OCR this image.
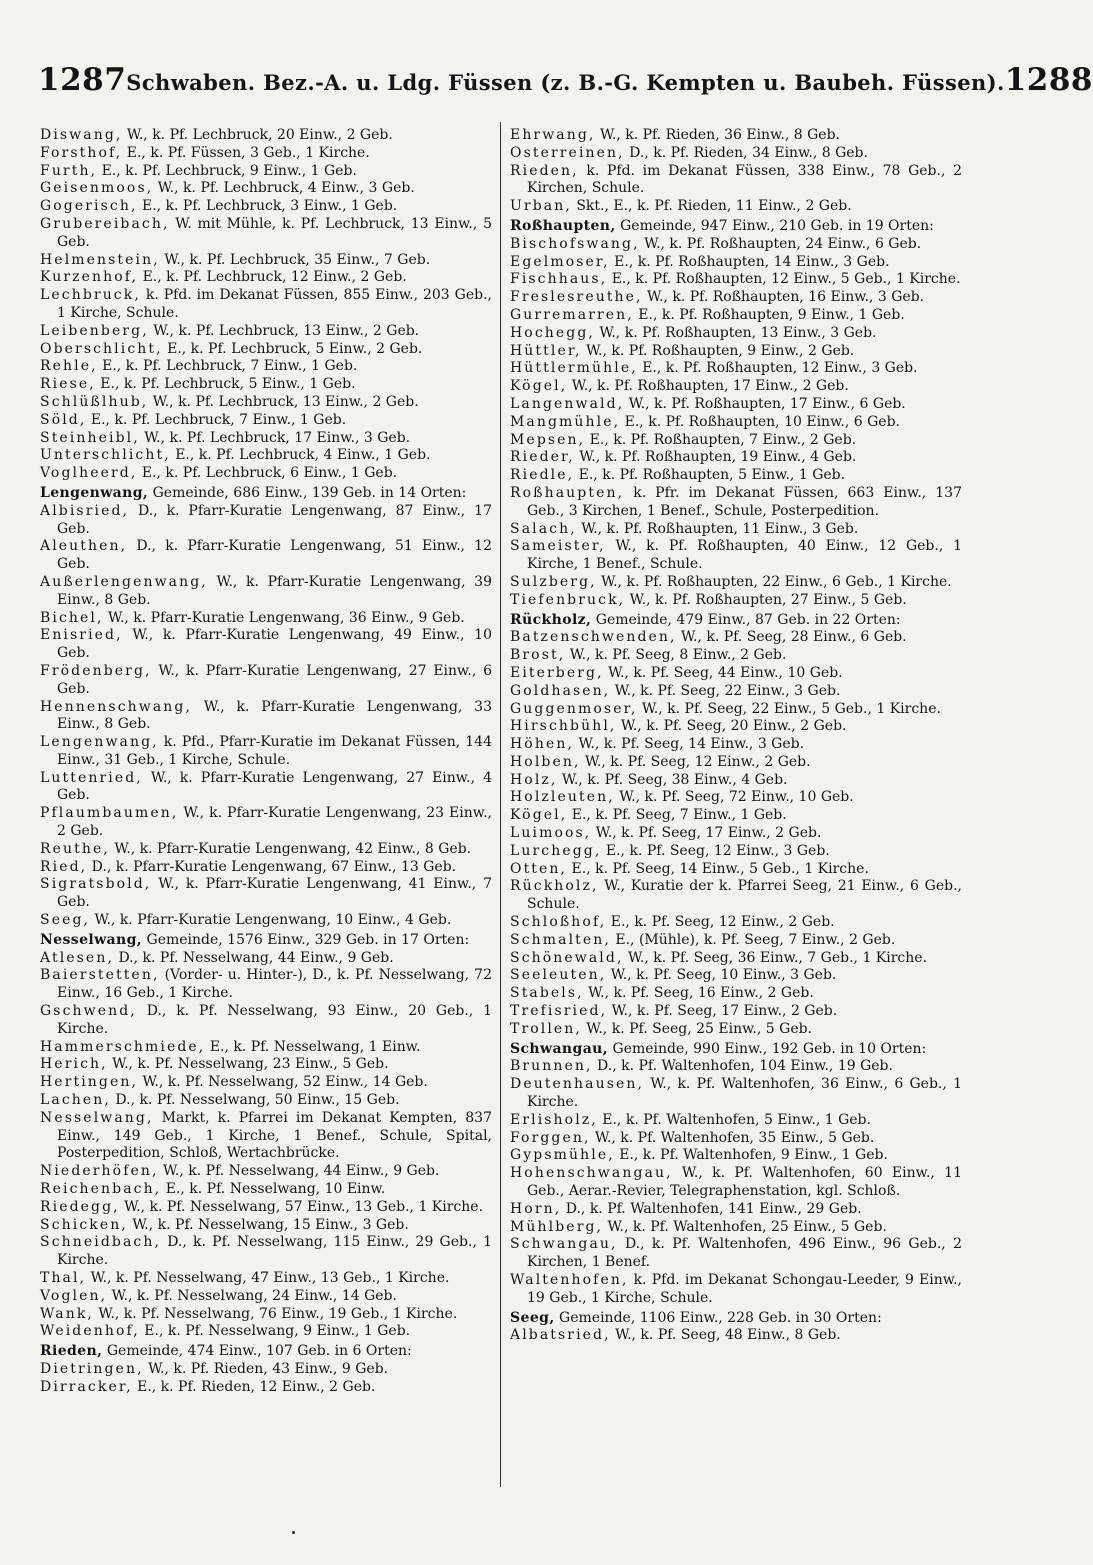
1287 Schwaben. Bez.-A. u. Ldg. Füssen (z. B.-G. Kempten u. Baubeh. Füssen). 1288

Diswang, W., k. Pf. Lechbruck, 20 Einw., 2 Geb.

Forsthof, E., k. Pf. Füssen, 3 Geb., 1 Kirche.

Furth, E., k. Pf. Lechbruck, 9 Einw., 1 Geb.

Geisenmoos, W., k. Pf. Lechbruck, 4 Einw., 3 Geb.

Gogerisch, E., k. Pf. Lechbruck, 3 Einw., 1 Geb.

Grubereibach, W. mit Mühle, k. Pf. Lechbruck, 13 Einw., 5 Geb.

Helmenstein, W., k. Pf. Lechbruck, 35 Einw., 7 Geb.

Kurzenhof, E., k. Pf. Lechbruck, 12 Einw., 2 Geb.

Lechbruck, k. Pfd. im Dekanat Füssen, 855 Einw., 203 Geb., 1 Kirche, Schule.

Leibenberg, W., k. Pf. Lechbruck, 13 Einw., 2 Geb.

Oberschlicht, E., k. Pf. Lechbruck, 5 Einw., 2 Geb.

Rehle, E., k. Pf. Lechbruck, 7 Einw., 1 Geb.

Riese, E., k. Pf. Lechbruck, 5 Einw., 1 Geb.

Schlüßlhub, W., k. Pf. Lechbruck, 13 Einw., 2 Geb.

Söld, E., k. Pf. Lechbruck, 7 Einw., 1 Geb.

Steinheibl, W., k. Pf. Lechbruck, 17 Einw., 3 Geb.

Unterschlicht, E., k. Pf. Lechbruck, 4 Einw., 1 Geb.

Voglheerd, E., k. Pf. Lechbruck, 6 Einw., 1 Geb.

Lengenwang, Gemeinde, 686 Einw., 139 Geb. in 14 Orten:

Albisried, D., k. Pfarr-Kuratie Lengenwang, 87 Einw., 17 Geb.

Aleuthen, D., k. Pfarr-Kuratie Lengenwang, 51 Einw., 12 Geb.

Außerlengenwang, W., k. Pfarr-Kuratie Lengenwang, 39 Einw., 8 Geb.

Bichel, W., k. Pfarr-Kuratie Lengenwang, 36 Einw., 9 Geb.

Enisried, W., k. Pfarr-Kuratie Lengenwang, 49 Einw., 10 Geb.

Frödenberg, W., k. Pfarr-Kuratie Lengenwang, 27 Einw., 6 Geb.

Hennenschwang, W., k. Pfarr-Kuratie Lengenwang, 33 Einw., 8 Geb.

Lengenwang, k. Pfd., Pfarr-Kuratie im Dekanat Füssen, 144 Einw., 31 Geb., 1 Kirche, Schule.

Luttenried, W., k. Pfarr-Kuratie Lengenwang, 27 Einw., 4 Geb.

Pflaumbaumen, W., k. Pfarr-Kuratie Lengenwang, 23 Einw., 2 Geb.

Reuthe, W., k. Pfarr-Kuratie Lengenwang, 42 Einw., 8 Geb.

Ried, D., k. Pfarr-Kuratie Lengenwang, 67 Einw., 13 Geb.

Sigratsbold, W., k. Pfarr-Kuratie Lengenwang, 41 Einw., 7 Geb.

Seeg, W., k. Pfarr-Kuratie Lengenwang, 10 Einw., 4 Geb.

Nesselwang, Gemeinde, 1576 Einw., 329 Geb. in 17 Orten:

Atlesen, D., k. Pf. Nesselwang, 44 Einw., 9 Geb.

Baierstetten, (Vorder- u. Hinter-), D., k. Pf. Nesselwang, 72 Einw., 16 Geb., 1 Kirche.

Gschwend, D., k. Pf. Nesselwang, 93 Einw., 20 Geb., 1 Kirche.

Hammerschmiede, E., k. Pf. Nesselwang, 1 Einw.

Herich, W., k. Pf. Nesselwang, 23 Einw., 5 Geb.

Hertingen, W., k. Pf. Nesselwang, 52 Einw., 14 Geb.

Lachen, D., k. Pf. Nesselwang, 50 Einw., 15 Geb.

Nesselwang, Markt, k. Pfarrei im Dekanat Kempten, 837 Einw., 149 Geb., 1 Kirche, 1 Benef., Schule, Spital, Posterpedition, Schloß, Wertachbrücke.

Niederhöfen, W., k. Pf. Nesselwang, 44 Einw., 9 Geb.

Reichenbach, E., k. Pf. Nesselwang, 10 Einw.

Riedegg, W., k. Pf. Nesselwang, 57 Einw., 13 Geb., 1 Kirche.

Schicken, W., k. Pf. Nesselwang, 15 Einw., 3 Geb.

Schneidbach, D., k. Pf. Nesselwang, 115 Einw., 29 Geb., 1 Kirche.

Thal, W., k. Pf. Nesselwang, 47 Einw., 13 Geb., 1 Kirche.

Voglen, W., k. Pf. Nesselwang, 24 Einw., 14 Geb.

Wank, W., k. Pf. Nesselwang, 76 Einw., 19 Geb., 1 Kirche.

Weidenhof, E., k. Pf. Nesselwang, 9 Einw., 1 Geb.

Rieden, Gemeinde, 474 Einw., 107 Geb. in 6 Orten:

Dietringen, W., k. Pf. Rieden, 43 Einw., 9 Geb.

Dirracker, E., k. Pf. Rieden, 12 Einw., 2 Geb.

Ehrwang, W., k. Pf. Rieden, 36 Einw., 8 Geb.

Osterreinen, D., k. Pf. Rieden, 34 Einw., 8 Geb.

Rieden, k. Pfd. im Dekanat Füssen, 338 Einw., 78 Geb., 2 Kirchen, Schule.

Urban, Skt., E., k. Pf. Rieden, 11 Einw., 2 Geb.

Roßhaupten, Gemeinde, 947 Einw., 210 Geb. in 19 Orten:

Bischofswang, W., k. Pf. Roßhaupten, 24 Einw., 6 Geb.

Egelmoser, E., k. Pf. Roßhaupten, 14 Einw., 3 Geb.

Fischhaus, E., k. Pf. Roßhaupten, 12 Einw., 5 Geb., 1 Kirche.

Freslesreuthe, W., k. Pf. Roßhaupten, 16 Einw., 3 Geb.

Gurremarren, E., k. Pf. Roßhaupten, 9 Einw., 1 Geb.

Hochegg, W., k. Pf. Roßhaupten, 13 Einw., 3 Geb.

Hüttler, W., k. Pf. Roßhaupten, 9 Einw., 2 Geb.

Hüttlermühle, E., k. Pf. Roßhaupten, 12 Einw., 3 Geb.

Kögel, W., k. Pf. Roßhaupten, 17 Einw., 2 Geb.

Langenwald, W., k. Pf. Roßhaupten, 17 Einw., 6 Geb.

Mangmühle, E., k. Pf. Roßhaupten, 10 Einw., 6 Geb.

Mepsen, E., k. Pf. Roßhaupten, 7 Einw., 2 Geb.

Rieder, W., k. Pf. Roßhaupten, 19 Einw., 4 Geb.

Riedle, E., k. Pf. Roßhaupten, 5 Einw., 1 Geb.

Roßhaupten, k. Pfr. im Dekanat Füssen, 663 Einw., 137 Geb., 3 Kirchen, 1 Benef., Schule, Posterpedition.

Salach, W., k. Pf. Roßhaupten, 11 Einw., 3 Geb.

Sameister, W., k. Pf. Roßhaupten, 40 Einw., 12 Geb., 1 Kirche, 1 Benef., Schule.

Sulzberg, W., k. Pf. Roßhaupten, 22 Einw., 6 Geb., 1 Kirche.

Tiefenbruck, W., k. Pf. Roßhaupten, 27 Einw., 5 Geb.

Rückholz, Gemeinde, 479 Einw., 87 Geb. in 22 Orten:

Batzenschwenden, W., k. Pf. Seeg, 28 Einw., 6 Geb.

Brost, W., k. Pf. Seeg, 8 Einw., 2 Geb.

Eiterberg, W., k. Pf. Seeg, 44 Einw., 10 Geb.

Goldhasen, W., k. Pf. Seeg, 22 Einw., 3 Geb.

Guggenmoser, W., k. Pf. Seeg, 22 Einw., 5 Geb., 1 Kirche.

Hirschbühl, W., k. Pf. Seeg, 20 Einw., 2 Geb.

Höhen, W., k. Pf. Seeg, 14 Einw., 3 Geb.

Holben, W., k. Pf. Seeg, 12 Einw., 2 Geb.

Holz, W., k. Pf. Seeg, 38 Einw., 4 Geb.

Holzleuten, W., k. Pf. Seeg, 72 Einw., 10 Geb.

Kögel, E., k. Pf. Seeg, 7 Einw., 1 Geb.

Luimoos, W., k. Pf. Seeg, 17 Einw., 2 Geb.

Lurchegg, E., k. Pf. Seeg, 12 Einw., 3 Geb.

Otten, E., k. Pf. Seeg, 14 Einw., 5 Geb., 1 Kirche.

Rückholz, W., Kuratie der k. Pfarrei Seeg, 21 Einw., 6 Geb., Schule.

Schloßhof, E., k. Pf. Seeg, 12 Einw., 2 Geb.

Schmalten, E., (Mühle), k. Pf. Seeg, 7 Einw., 2 Geb.

Schönewald, W., k. Pf. Seeg, 36 Einw., 7 Geb., 1 Kirche.

Seeleuten, W., k. Pf. Seeg, 10 Einw., 3 Geb.

Stabels, W., k. Pf. Seeg, 16 Einw., 2 Geb.

Trefisried, W., k. Pf. Seeg, 17 Einw., 2 Geb.

Trollen, W., k. Pf. Seeg, 25 Einw., 5 Geb.

Schwangau, Gemeinde, 990 Einw., 192 Geb. in 10 Orten:

Brunnen, D., k. Pf. Waltenhofen, 104 Einw., 19 Geb.

Deutenhausen, W., k. Pf. Waltenhofen, 36 Einw., 6 Geb., 1 Kirche.

Erlisholz, E., k. Pf. Waltenhofen, 5 Einw., 1 Geb.

Forggen, W., k. Pf. Waltenhofen, 35 Einw., 5 Geb.

Gypsmühle, E., k. Pf. Waltenhofen, 9 Einw., 1 Geb.

Hohenschwangau, W., k. Pf. Waltenhofen, 60 Einw., 11 Geb., Aerar.-Revier, Telegraphenstation, kgl. Schloß.

Horn, D., k. Pf. Waltenhofen, 141 Einw., 29 Geb.

Mühlberg, W., k. Pf. Waltenhofen, 25 Einw., 5 Geb.

Schwangau, D., k. Pf. Waltenhofen, 496 Einw., 96 Geb., 2 Kirchen, 1 Benef.

Waltenhofen, k. Pfd. im Dekanat Schongau-Leeder, 9 Einw., 19 Geb., 1 Kirche, Schule.

Seeg, Gemeinde, 1106 Einw., 228 Geb. in 30 Orten:

Albatsried, W., k. Pf. Seeg, 48 Einw., 8 Geb.
